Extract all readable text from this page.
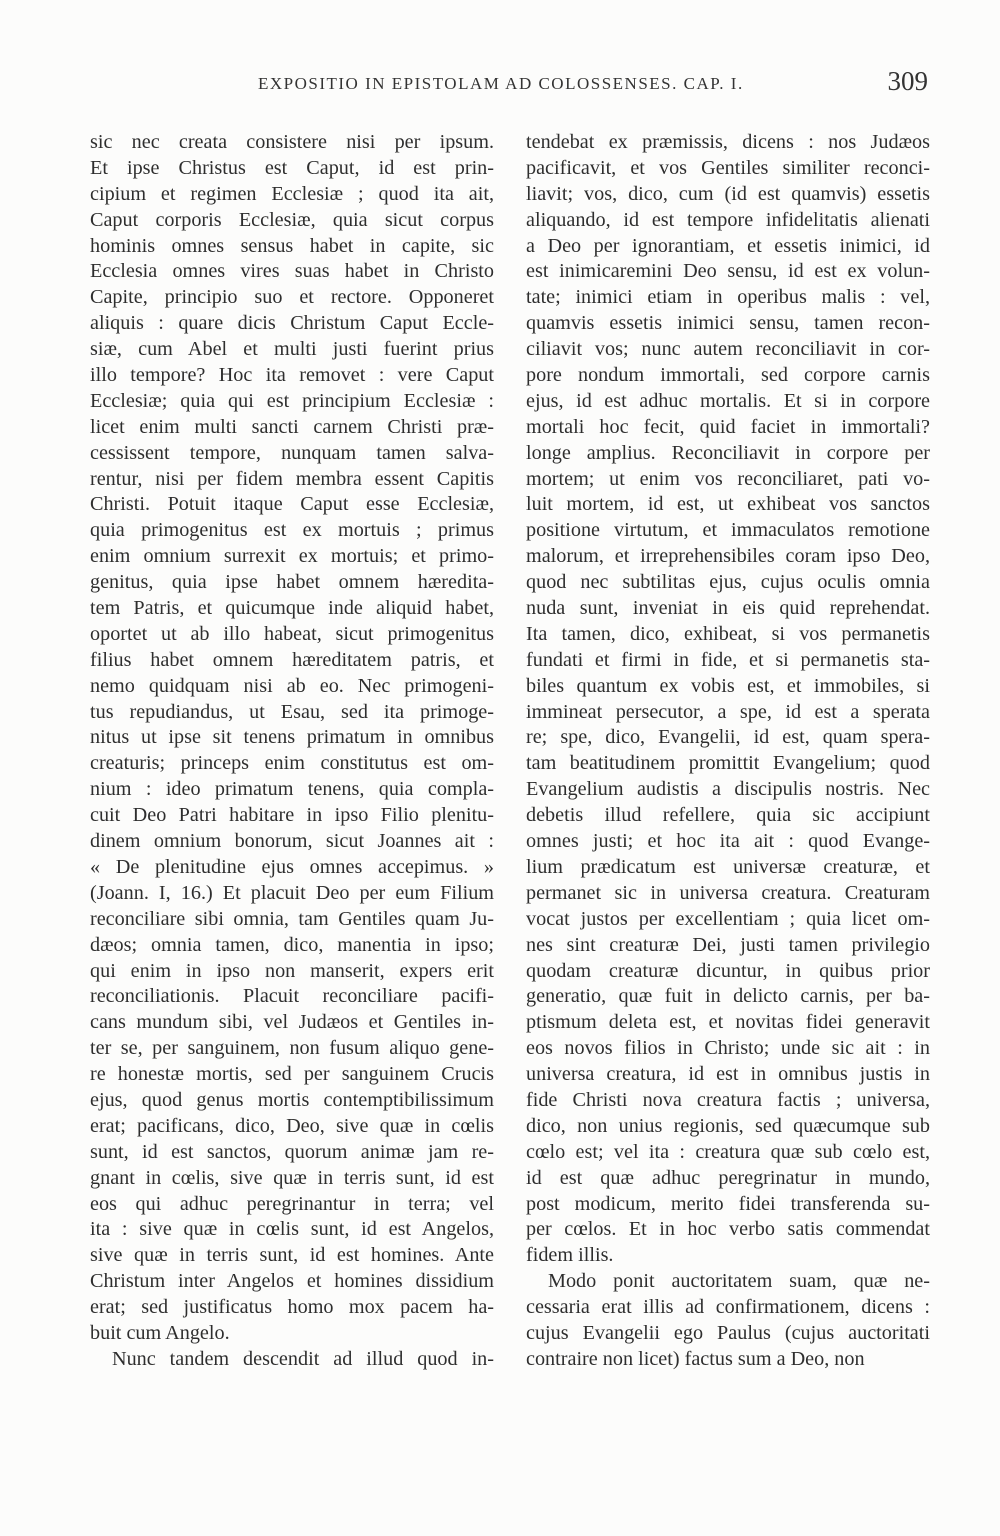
EXPOSITIO IN EPISTOLAM AD COLOSSENSES. CAP. I.	309
sic nec creata consistere nisi per ipsum.
Et ipse Christus est Caput, id est prin-
cipium et regimen Ecclesiæ ; quod ita ait,
Caput corporis Ecclesiæ, quia sicut corpus
hominis omnes sensus habet in capite, sic
Ecclesia omnes vires suas habet in Christo
Capite, principio suo et rectore. Opponeret
aliquis : quare dicis Christum Caput Eccle-
siæ, cum Abel et multi justi fuerint prius
illo tempore? Hoc ita removet : vere Caput
Ecclesiæ; quia qui est principium Ecclesiæ :
licet enim multi sancti carnem Christi præ-
cessissent tempore, nunquam tamen salva-
rentur, nisi per fidem membra essent Capitis
Christi. Potuit itaque Caput esse Ecclesiæ,
quia primogenitus est ex mortuis ; primus
enim omnium surrexit ex mortuis; et primo-
genitus, quia ipse habet omnem hæredita-
tem Patris, et quicumque inde aliquid habet,
oportet ut ab illo habeat, sicut primogenitus
filius habet omnem hæreditatem patris, et
nemo quidquam nisi ab eo. Nec primogeni-
tus repudiandus, ut Esau, sed ita primoge-
nitus ut ipse sit tenens primatum in omnibus
creaturis; princeps enim constitutus est om-
nium : ideo primatum tenens, quia compla-
cuit Deo Patri habitare in ipso Filio plenitu-
dinem omnium bonorum, sicut Joannes ait :
« De plenitudine ejus omnes accepimus. »
(Joann. I, 16.) Et placuit Deo per eum Filium
reconciliare sibi omnia, tam Gentiles quam Ju-
dæos; omnia tamen, dico, manentia in ipso;
qui enim in ipso non manserit, expers erit
reconciliationis. Placuit reconciliare pacifi-
cans mundum sibi, vel Judæos et Gentiles in-
ter se, per sanguinem, non fusum aliquo gene-
re honestæ mortis, sed per sanguinem Crucis
ejus, quod genus mortis contemptibilissimum
erat; pacificans, dico, Deo, sive quæ in cœlis
sunt, id est sanctos, quorum animæ jam re-
gnant in cœlis, sive quæ in terris sunt, id est
eos qui adhuc peregrinantur in terra; vel
ita : sive quæ in cœlis sunt, id est Angelos,
sive quæ in terris sunt, id est homines. Ante
Christum inter Angelos et homines dissidium
erat; sed justificatus homo mox pacem ha-
buit cum Angelo.
Nunc tandem descendit ad illud quod in-
tendebat ex præmissis, dicens : nos Judæos
pacificavit, et vos Gentiles similiter reconci-
liavit; vos, dico, cum (id est quamvis) essetis
aliquando, id est tempore infidelitatis alienati
a Deo per ignorantiam, et essetis inimici, id
est inimicaremini Deo sensu, id est ex volun-
tate; inimici etiam in operibus malis : vel,
quamvis essetis inimici sensu, tamen recon-
ciliavit vos; nunc autem reconciliavit in cor-
pore nondum immortali, sed corpore carnis
ejus, id est adhuc mortalis. Et si in corpore
mortali hoc fecit, quid faciet in immortali?
longe amplius. Reconciliavit in corpore per
mortem; ut enim vos reconciliaret, pati vo-
luit mortem, id est, ut exhibeat vos sanctos
positione virtutum, et immaculatos remotione
malorum, et irreprehensibiles coram ipso Deo,
quod nec subtilitas ejus, cujus oculis omnia
nuda sunt, inveniat in eis quid reprehendat.
Ita tamen, dico, exhibeat, si vos permanetis
fundati et firmi in fide, et si permanetis sta-
biles quantum ex vobis est, et immobiles, si
immineat persecutor, a spe, id est a sperata
re; spe, dico, Evangelii, id est, quam spera-
tam beatitudinem promittit Evangelium; quod
Evangelium audistis a discipulis nostris. Nec
debetis illud refellere, quia sic accipiunt
omnes justi; et hoc ita ait : quod Evange-
lium prædicatum est universæ creaturæ, et
permanet sic in universa creatura. Creaturam
vocat justos per excellentiam ; quia licet om-
nes sint creaturæ Dei, justi tamen privilegio
quodam creaturæ dicuntur, in quibus prior
generatio, quæ fuit in delicto carnis, per ba-
ptismum deleta est, et novitas fidei generavit
eos novos filios in Christo; unde sic ait : in
universa creatura, id est in omnibus justis in
fide Christi nova creatura factis ; universa,
dico, non unius regionis, sed quæcumque sub
cœlo est; vel ita : creatura quæ sub cœlo est,
id est quæ adhuc peregrinatur in mundo,
post modicum, merito fidei transferenda su-
per cœlos. Et in hoc verbo satis commendat
fidem illis.
Modo ponit auctoritatem suam, quæ ne-
cessaria erat illis ad confirmationem, dicens :
cujus Evangelii ego Paulus (cujus auctoritati
contraire non licet) factus sum a Deo, non
